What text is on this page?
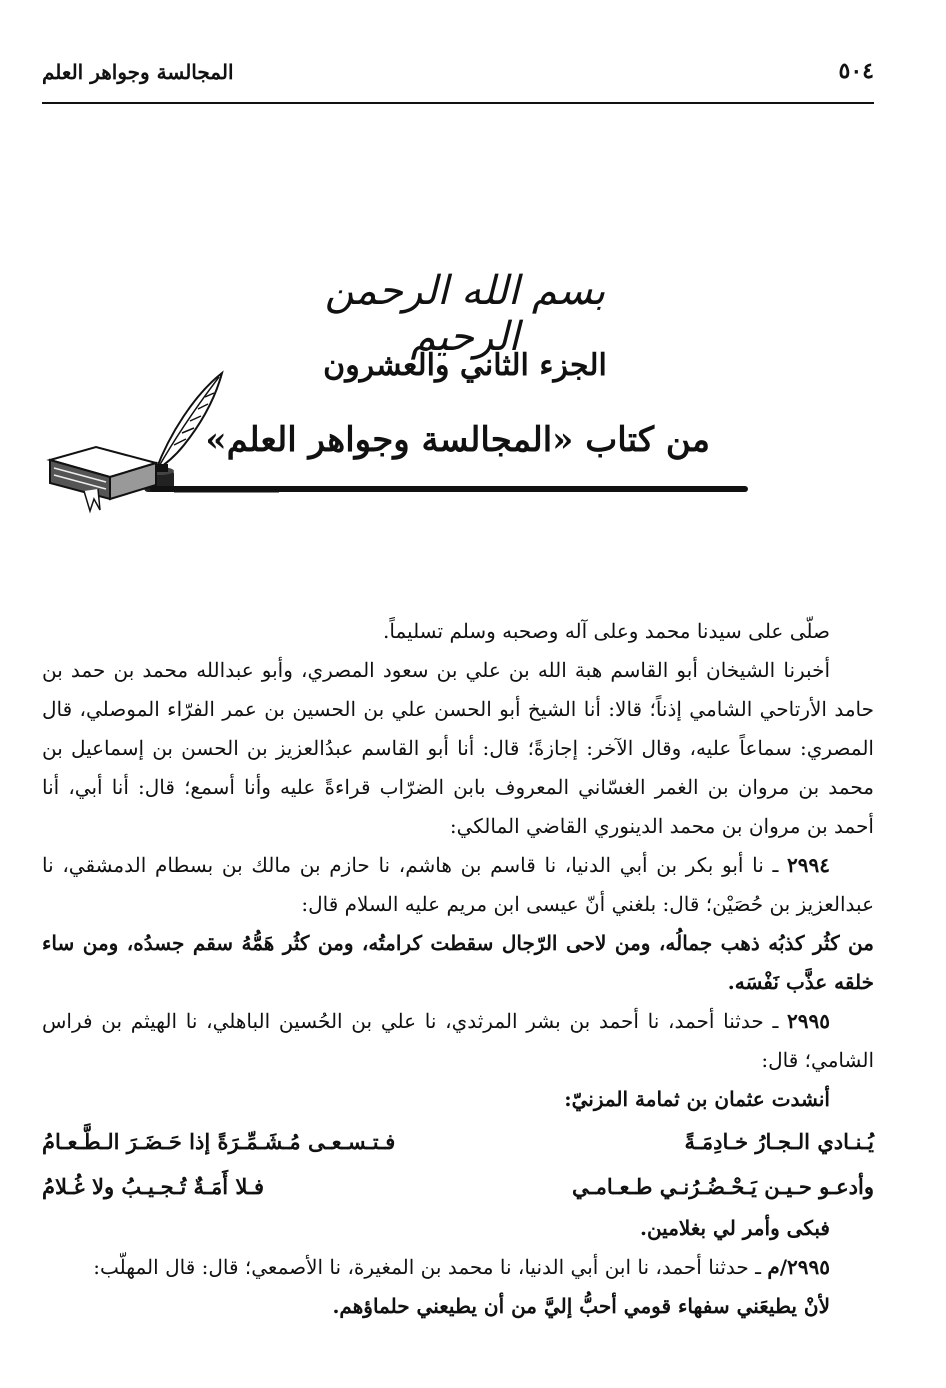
٥٠٤
المجالسة وجواهر العلم
بسم الله الرحمن الرحيم
الجزء الثاني والعشرون
من كتاب «المجالسة وجواهر العلم»

صلّى على سيدنا محمد وعلى آله وصحبه وسلم تسليماً.

أخبرنا الشيخان أبو القاسم هبة الله بن علي بن سعود المصري، وأبو عبدالله محمد بن حمد بن حامد الأرتاحي الشامي إذناً؛ قالا: أنا الشيخ أبو الحسن علي بن الحسين بن عمر الفرّاء الموصلي، قال المصري: سماعاً عليه، وقال الآخر: إجازةً؛ قال: أنا أبو القاسم عبدُالعزيز بن الحسن بن إسماعيل بن محمد بن مروان بن الغمر الغسّاني المعروف بابن الضرّاب قراءةً عليه وأنا أسمع؛ قال: أنا أبي، أنا أحمد بن مروان بن محمد الدينوري القاضي المالكي:

٢٩٩٤ ـ نا أبو بكر بن أبي الدنيا، نا قاسم بن هاشم، نا حازم بن مالك بن بسطام الدمشقي، نا عبدالعزيز بن حُصَيْن؛ قال: بلغني أنّ عيسى ابن مريم عليه السلام قال:

من كثُر كذبُه ذهب جمالُه، ومن لاحى الرّجال سقطت كرامتُه، ومن كثُر هَمُّهُ سقم جسدُه، ومن ساء خلقه عذَّب نَفْسَه.

٢٩٩٥ ـ حدثنا أحمد، نا أحمد بن بشر المرثدي، نا علي بن الحُسين الباهلي، نا الهيثم بن فراس الشامي؛ قال:

أنشدت عثمان بن ثمامة المزنيّ:

يُـنـادي الـجـارُ خـادِمَـةً
فـتـسـعـى مُـشَـمِّـرَةً إذا حَـضَـرَ الـطَّـعـامُ
وأدعـو حـيـن يَـحْـضُـرُنـي طـعـامـي
فـلا أَمَـةٌ تُـجـيـبُ ولا غُـلامُ

فبكى وأمر لي بغلامين.

٢٩٩٥/م ـ حدثنا أحمد، نا ابن أبي الدنيا، نا محمد بن المغيرة، نا الأصمعي؛ قال: قال المهلّب:

لأنْ يطيعَني سفهاء قومي أحبُّ إليَّ من أن يطيعني حلماؤهم.
